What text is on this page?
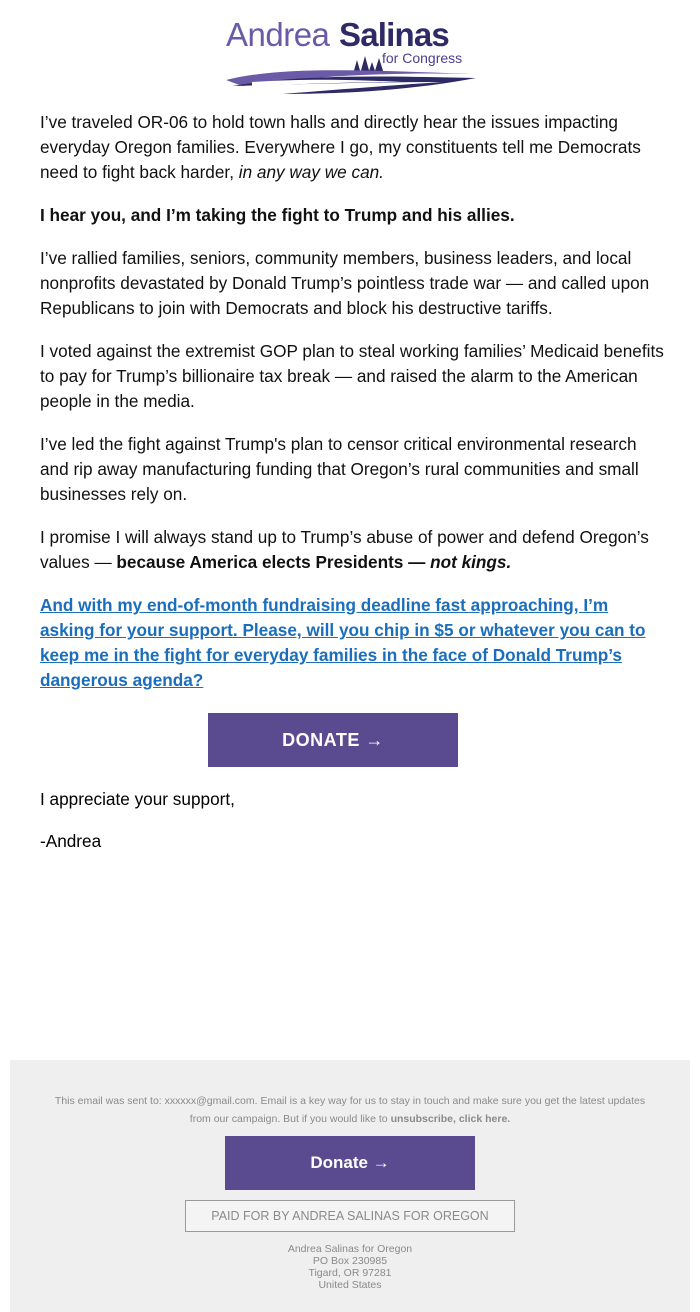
Andrea Salinas
for Congress

I’ve traveled OR-06 to hold town halls and directly hear the issues impacting everyday Oregon families. Everywhere I go, my constituents tell me Democrats need to fight back harder, in any way we can.

I hear you, and I’m taking the fight to Trump and his allies.

I’ve rallied families, seniors, community members, business leaders, and local nonprofits devastated by Donald Trump’s pointless trade war — and called upon Republicans to join with Democrats and block his destructive tariffs.

I voted against the extremist GOP plan to steal working families’ Medicaid benefits to pay for Trump’s billionaire tax break — and raised the alarm to the American people in the media.

I’ve led the fight against Trump's plan to censor critical environmental research and rip away manufacturing funding that Oregon’s rural communities and small businesses rely on.

I promise I will always stand up to Trump’s abuse of power and defend Oregon’s values — because America elects Presidents — not kings.

And with my end-of-month fundraising deadline fast approaching, I’m asking for your support. Please, will you chip in $5 or whatever you can to keep me in the fight for everyday families in the face of Donald Trump’s dangerous agenda?
DONATE →

I appreciate your support,

-Andrea

This email was sent to: xxxxxx@gmail.com. Email is a key way for us to stay in touch and make sure you get the latest updates from our campaign. But if you would like to unsubscribe, click here.
Donate →
PAID FOR BY ANDREA SALINAS FOR OREGON
Andrea Salinas for Oregon
PO Box 230985
Tigard, OR 97281
United States
